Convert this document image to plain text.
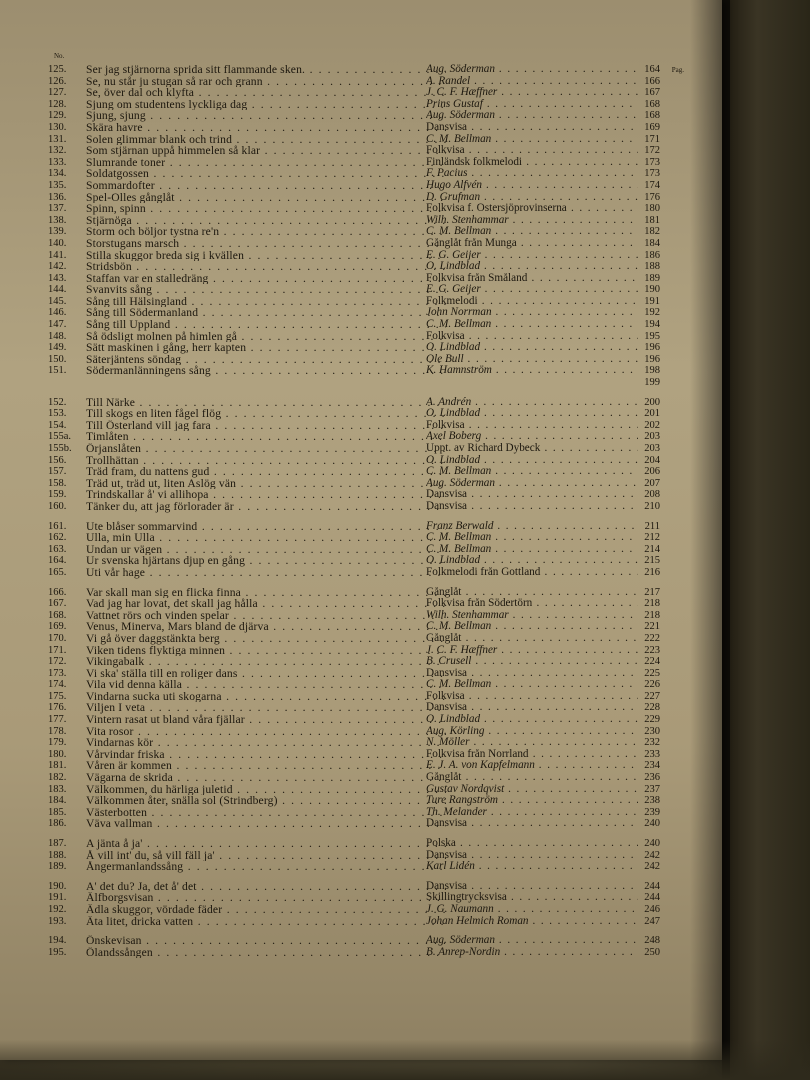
No.
Pag.
125.	Ser jag stjärnorna sprida sitt flammande sken. . . .	Aug. Söderman . . .	164
126.	Se, nu står ju stugan så rar och grann . . .	A. Randel . . .	166
127.	Se, över dal och klyfta . . .	J. C. F. Hæffner . . .	167
128.	Sjung om studentens lyckliga dag . . .	Prins Gustaf . . .	168
129.	Sjung, sjung . . .	Aug. Söderman . . .	168
130.	Skära havre . . .	Dansvisa . . .	169
131.	Solen glimmar blank och trind . . .	C. M. Bellman . . .	171
132.	Som stjärnan uppå himmelen så klar . . .	Folkvisa . . .	172
133.	Slumrande toner . . .	Finländsk folkmelodi . . .	173
134.	Soldatgossen . . .	F. Pacius . . .	173
135.	Sommardofter . . .	Hugo Alfvén . . .	174
136.	Spel-Olles gånglåt . . .	D. Grufman . . .	176
137.	Spinn, spinn . . .	Folkvisa f. Östersjöprovinserna . . .	180
138.	Stjärnöga . . .	Wilh. Stenhammar . . .	181
139.	Storm och böljor tystna re'n . . .	C. M. Bellman . . .	182
140.	Storstugans marsch . . .	Gånglåt från Munga . . .	184
141.	Stilla skuggor breda sig i kvällen . . .	E. G. Geijer . . .	186
142.	Stridsbön . . .	O. Lindblad . . .	188
143.	Staffan var en stalledräng . . .	Folkvisa från Småland . . .	189
144.	Svanvits sång . . .	E. G. Geijer . . .	190
145.	Sång till Hälsingland . . .	Folkmelodi . . .	191
146.	Sång till Södermanland . . .	John Norrman . . .	192
147.	Sång till Uppland . . .	C. M. Bellman . . .	194
148.	Så ödsligt molnen på himlen gå . . .	Folkvisa . . .	195
149.	Sätt maskinen i gång, herr kapten . . .	O. Lindblad . . .	196
150.	Säterjäntens söndag . . .	Ole Bull . . .	196
151.	Södermanlänningens sång . . .	K. Hamnström . . .	198
199
152.	Till Närke . . .	A. Andrén . . .	200
153.	Till skogs en liten fågel flög . . .	O. Lindblad . . .	201
154.	Till Österland vill jag fara . . .	Folkvisa . . .	202
155a.	Timlåten . . .	Axel Boberg . . .	203
155b.	Örjanslåten . . .	Uppt. av Richard Dybeck . . .	203
156.	Trollhättan . . .	O. Lindblad . . .	204
157.	Träd fram, du nattens gud . . .	C. M. Bellman . . .	206
158.	Träd ut, träd ut, liten Aslög vän . . .	Aug. Söderman . . .	207
159.	Trindskallar å' vi allihopa . . .	Dansvisa . . .	208
160.	Tänker du, att jag förlorader är . . .	Dansvisa . . .	210
161.	Ute blåser sommarvind . . .	Franz Berwald . . .	211
162.	Ulla, min Ulla . . .	C. M. Bellman . . .	212
163.	Undan ur vägen . . .	C. M. Bellman . . .	214
164.	Ur svenska hjärtans djup en gång . . .	O. Lindblad . . .	215
165.	Uti vår hage . . .	Folkmelodi från Gottland . . .	216
166.	Var skall man sig en flicka finna . . .	Gånglåt . . .	217
167.	Vad jag har lovat, det skall jag hålla . . .	Folkvisa från Södertörn . . .	218
168.	Vattnet rörs och vinden spelar . . .	Wilh. Stenhammar . . .	218
169.	Venus, Minerva, Mars bland de djärva . . .	C. M. Bellman . . .	221
170.	Vi gå över daggstänkta berg . . .	Gånglåt . . .	222
171.	Viken tidens flyktiga minnen . . .	J. C. F. Hæffner . . .	223
172.	Vikingabalk . . .	B. Crusell . . .	224
173.	Vi ska' ställa till en roliger dans . . .	Dansvisa . . .	225
174.	Vila vid denna källa . . .	C. M. Bellman . . .	226
175.	Vindarna sucka uti skogarna . . .	Folkvisa . . .	227
176.	Viljen I veta . . .	Dansvisa . . .	228
177.	Vintern rasat ut bland våra fjällar . . .	O. Lindblad . . .	229
178.	Vita rosor . . .	Aug. Körling . . .	230
179.	Vindarnas kör . . .	N. Möller . . .	232
180.	Vårvindar friska . . .	Folkvisa från Norrland . . .	233
181.	Våren är kommen . . .	E. J. A. von Kapfelmann . . .	234
182.	Vägarna de skrida . . .	Gånglåt . . .	236
183.	Välkommen, du härliga juletid . . .	Gustav Nordqvist . . .	237
184.	Välkommen åter, snälla sol (Strindberg) . . .	Ture Rangström . . .	238
185.	Västerbotten . . .	Th. Melander . . .	239
186.	Väva vallman . . .	Dansvisa . . .	240
187.	A jänta å ja' . . .	Polska . . .	240
188.	Å vill int' du, så vill fäll ja' . . .	Dansvisa . . .	242
189.	Ångermanlandssång . . .	Karl Lidén . . .	242
190.	A' det du? Ja, det å' det . . .	Dansvisa . . .	244
191.	Älfborgsvisan . . .	Skillingtrycksvisa . . .	244
192.	Ädla skuggor, vördade fäder . . .	J. G. Naumann . . .	246
193.	Äta litet, dricka vatten . . .	Johan Helmich Roman . . .	247
194.	Önskevisan . . .	Aug. Söderman . . .	248
195.	Ölandssången . . .	B. Anrep-Nordin . . .	250
